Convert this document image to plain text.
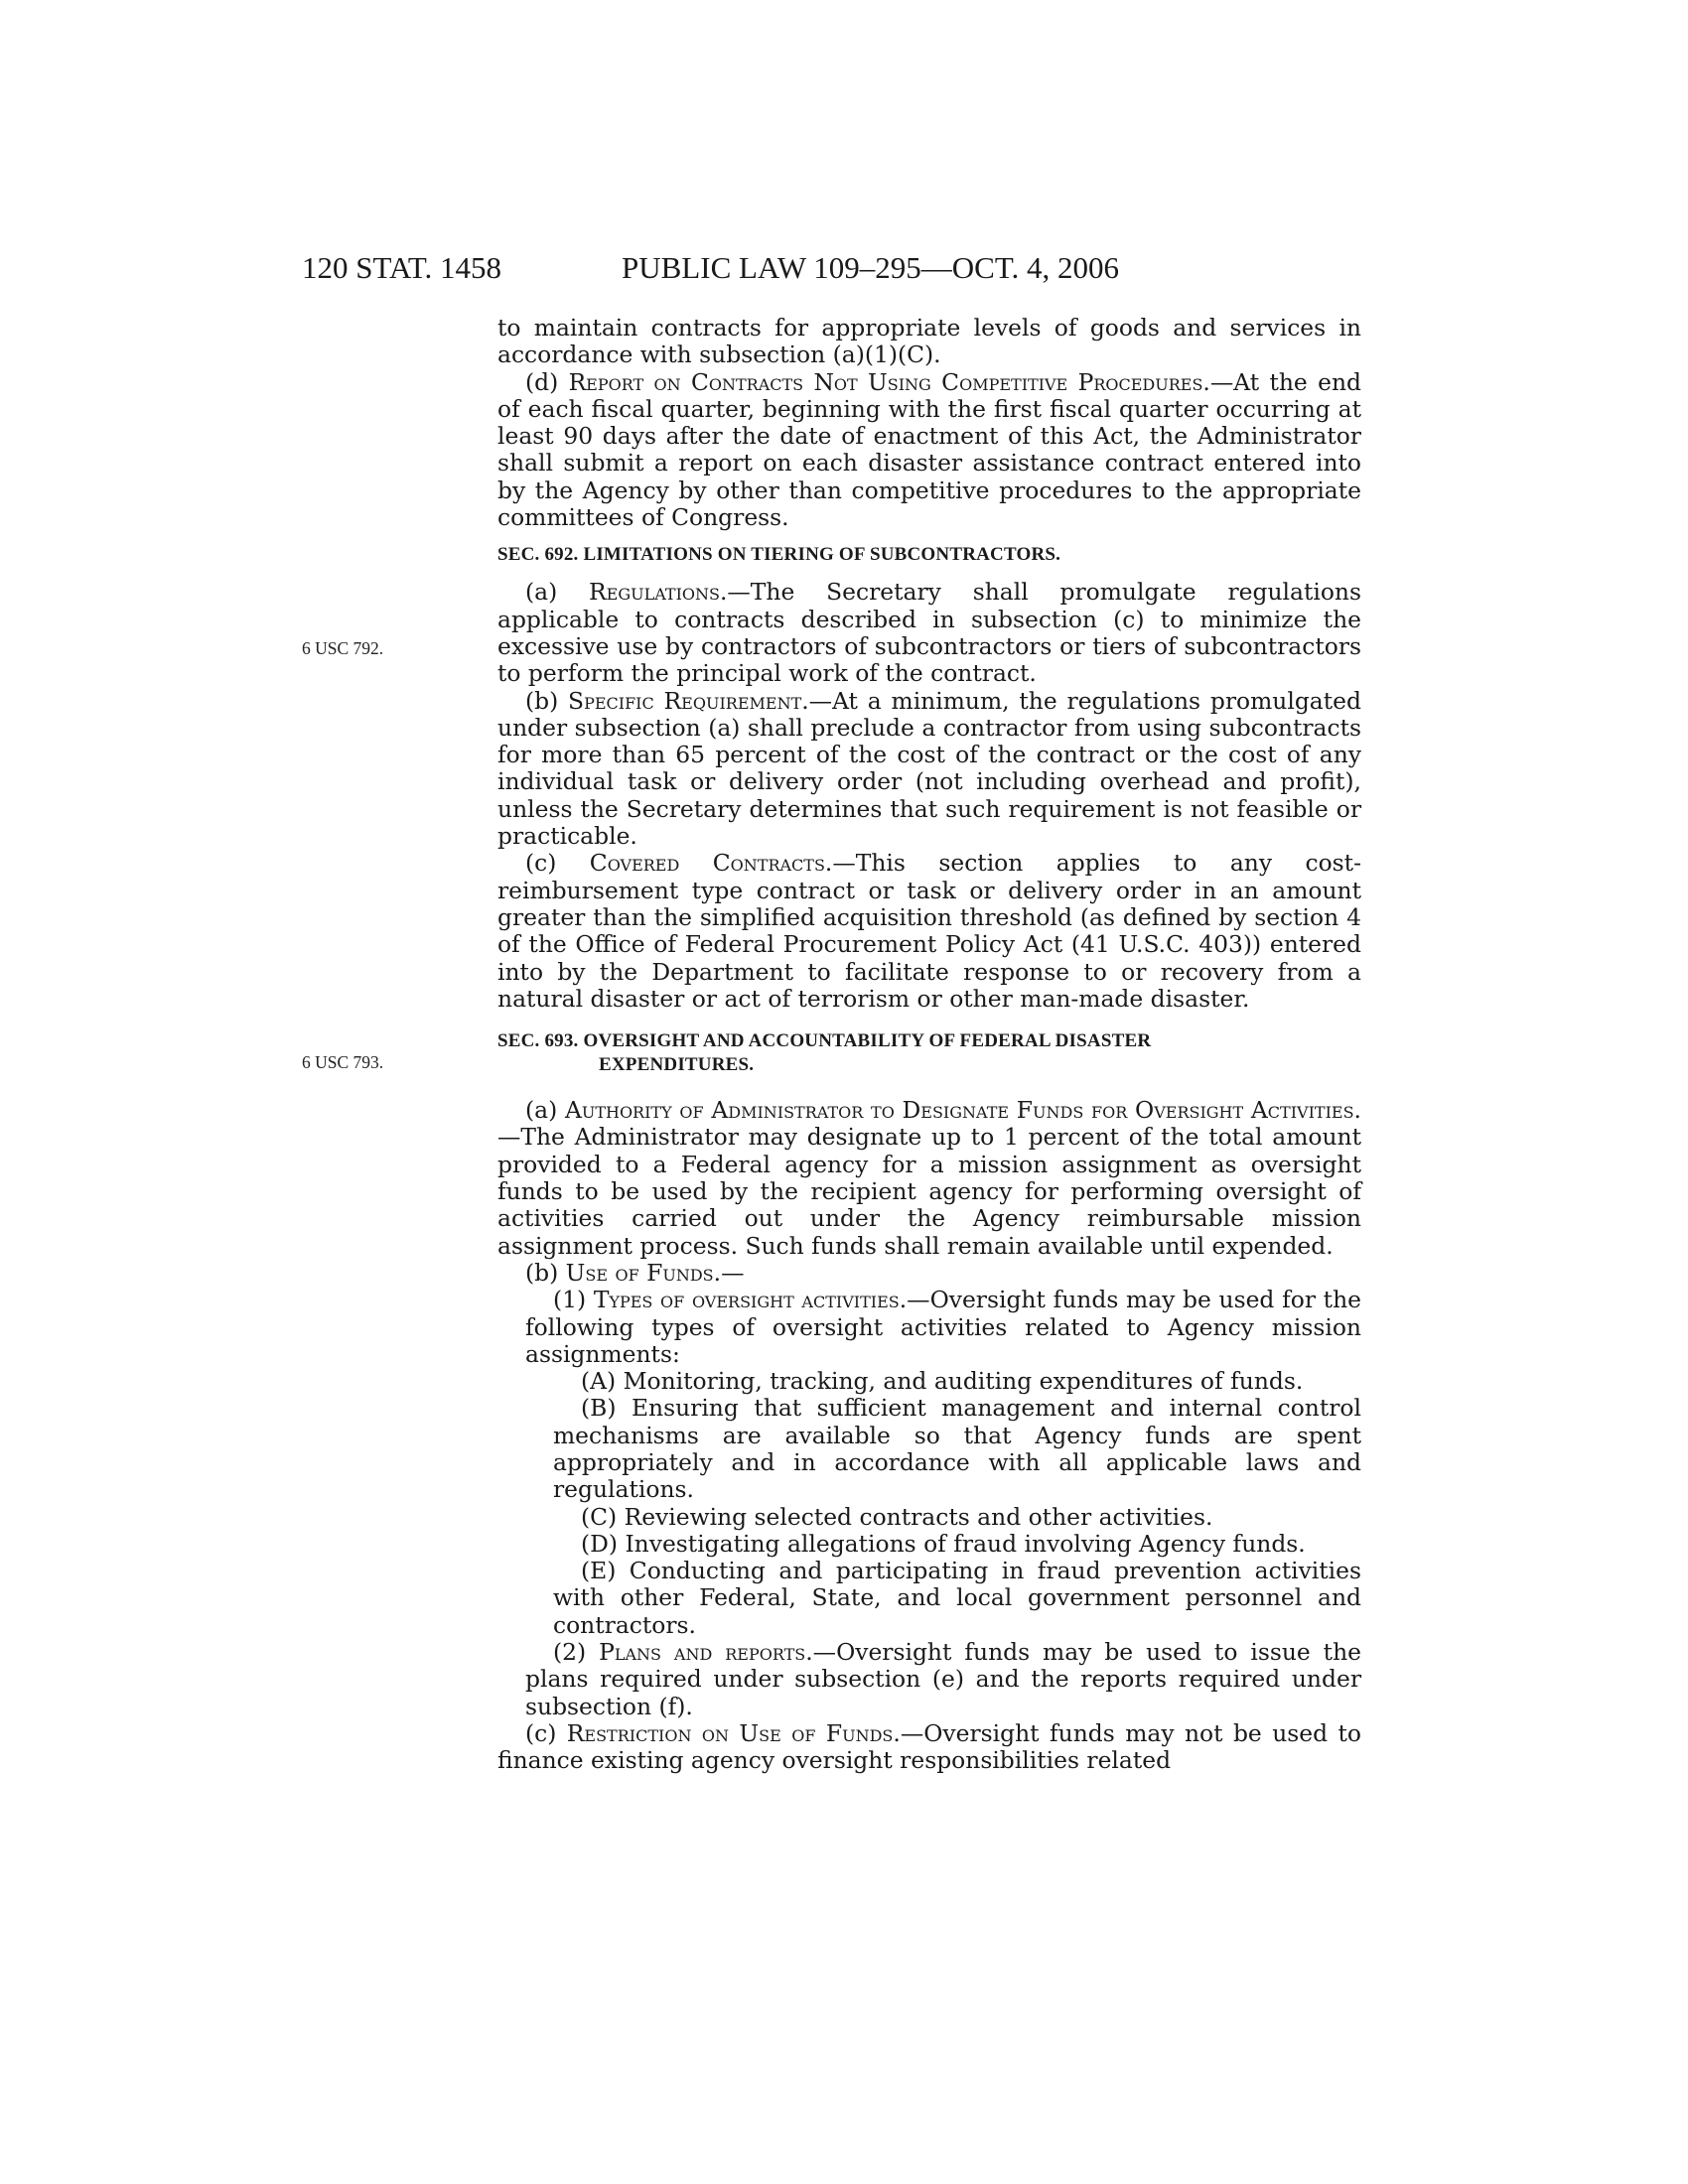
120 STAT. 1458	PUBLIC LAW 109–295—OCT. 4, 2006
6 USC 792.
6 USC 793.

to maintain contracts for appropriate levels of goods and services in accordance with subsection (a)(1)(C).

(d) Report on Contracts Not Using Competitive Procedures.—At the end of each fiscal quarter, beginning with the first fiscal quarter occurring at least 90 days after the date of enactment of this Act, the Administrator shall submit a report on each disaster assistance contract entered into by the Agency by other than competitive procedures to the appropriate committees of Congress.

SEC. 692. LIMITATIONS ON TIERING OF SUBCONTRACTORS.

(a) Regulations.—The Secretary shall promulgate regulations applicable to contracts described in subsection (c) to minimize the excessive use by contractors of subcontractors or tiers of subcontractors to perform the principal work of the contract.

(b) Specific Requirement.—At a minimum, the regulations promulgated under subsection (a) shall preclude a contractor from using subcontracts for more than 65 percent of the cost of the contract or the cost of any individual task or delivery order (not including overhead and profit), unless the Secretary determines that such requirement is not feasible or practicable.

(c) Covered Contracts.—This section applies to any cost-reimbursement type contract or task or delivery order in an amount greater than the simplified acquisition threshold (as defined by section 4 of the Office of Federal Procurement Policy Act (41 U.S.C. 403)) entered into by the Department to facilitate response to or recovery from a natural disaster or act of terrorism or other man-made disaster.

SEC. 693. OVERSIGHT AND ACCOUNTABILITY OF FEDERAL DISASTER
EXPENDITURES.

(a) Authority of Administrator to Designate Funds for Oversight Activities.—The Administrator may designate up to 1 percent of the total amount provided to a Federal agency for a mission assignment as oversight funds to be used by the recipient agency for performing oversight of activities carried out under the Agency reimbursable mission assignment process. Such funds shall remain available until expended.

(b) Use of Funds.—

(1) Types of oversight activities.—Oversight funds may be used for the following types of oversight activities related to Agency mission assignments:

(A) Monitoring, tracking, and auditing expenditures of funds.

(B) Ensuring that sufficient management and internal control mechanisms are available so that Agency funds are spent appropriately and in accordance with all applicable laws and regulations.

(C) Reviewing selected contracts and other activities.

(D) Investigating allegations of fraud involving Agency funds.

(E) Conducting and participating in fraud prevention activities with other Federal, State, and local government personnel and contractors.

(2) Plans and reports.—Oversight funds may be used to issue the plans required under subsection (e) and the reports required under subsection (f).

(c) Restriction on Use of Funds.—Oversight funds may not be used to finance existing agency oversight responsibilities related
